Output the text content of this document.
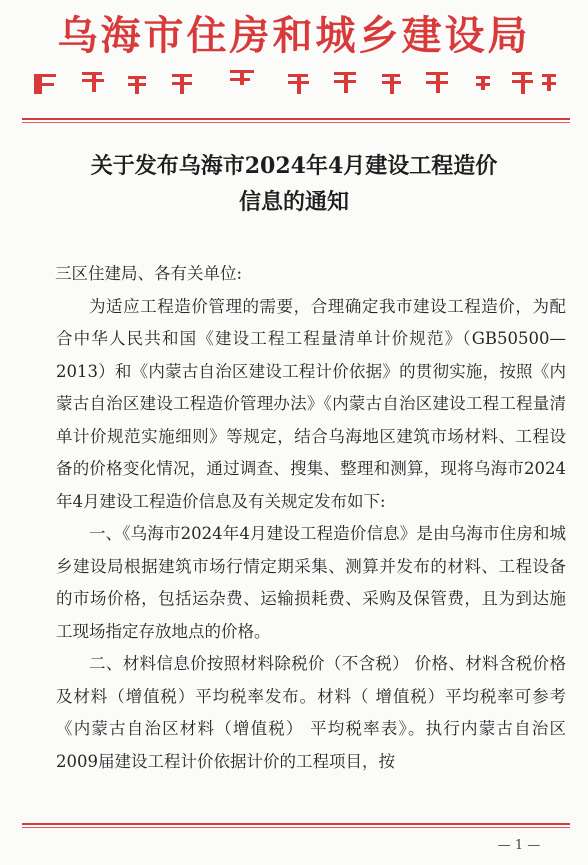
乌海市住房和城乡建设局
关于发布乌海市2024年4月建设工程造价
信息的通知

三区住建局、各有关单位:

为适应工程造价管理的需要，合理确定我市建设工程造价，为配合中华人民共和国《建设工程工程量清单计价规范》（GB50500—2013）和《内蒙古自治区建设工程计价依据》的贯彻实施，按照《内蒙古自治区建设工程造价管理办法》《内蒙古自治区建设工程工程量清单计价规范实施细则》等规定，结合乌海地区建筑市场材料、工程设备的价格变化情况，通过调查、搜集、整理和测算，现将乌海市2024年4月建设工程造价信息及有关规定发布如下:

一、《乌海市2024年4月建设工程造价信息》是由乌海市住房和城乡建设局根据建筑市场行情定期采集、测算并发布的材料、工程设备的市场价格，包括运杂费、运输损耗费、采购及保管费，且为到达施工现场指定存放地点的价格。

二、材料信息价按照材料除税价（不含税） 价格、材料含税价格及材料（增值税）平均税率发布。材料（ 增值税）平均税率可参考《内蒙古自治区材料（增值税） 平均税率表》。执行内蒙古自治区2009届建设工程计价依据计价的工程项目，按

— 1 —
